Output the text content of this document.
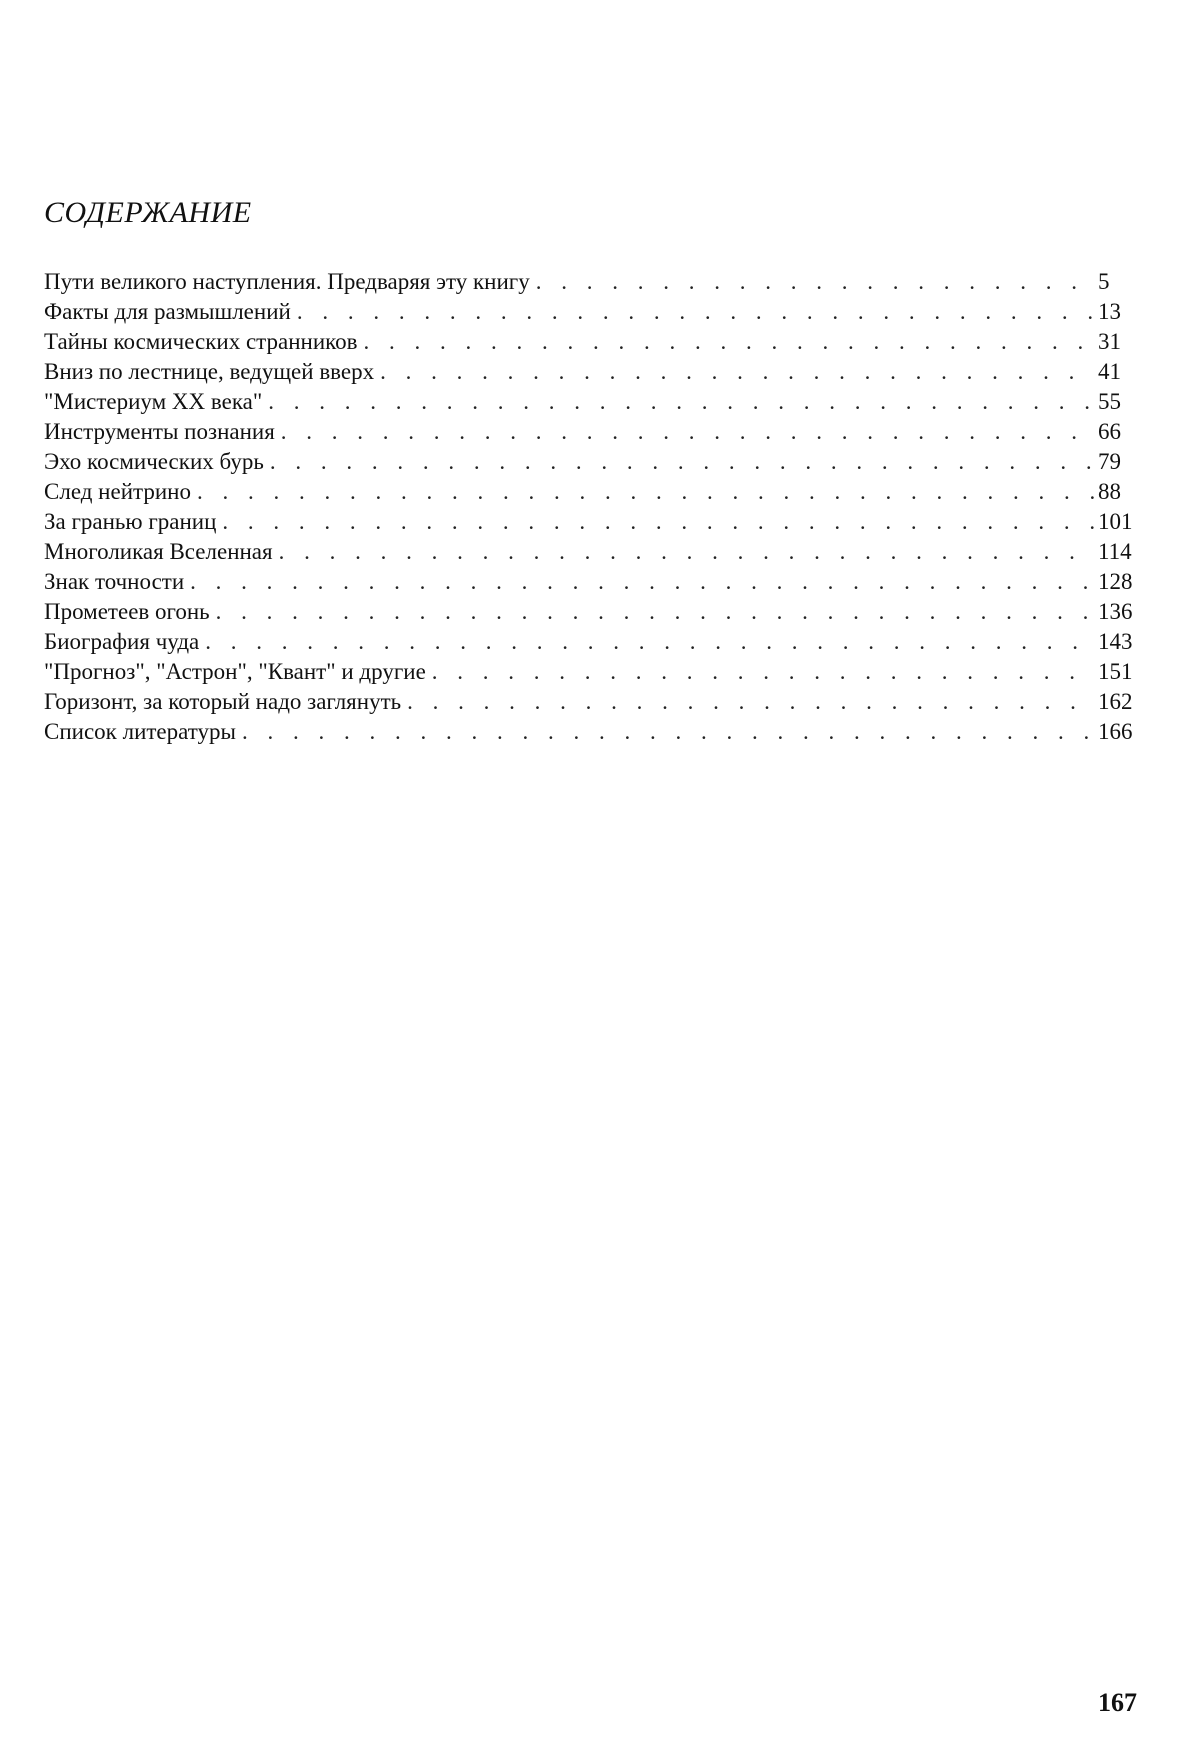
СОДЕРЖАНИЕ
Пути великого наступления. Предваряя эту книгу . . .	5
Факты для размышлений . . .	13
Тайны космических странников . . .	31
Вниз по лестнице, ведущей вверх . . .	41
"Мистериум XX века" . . .	55
Инструменты познания . . .	66
Эхо космических бурь . . .	79
След нейтрино . . .	88
За гранью границ . . .	101
Многоликая Вселенная . . .	114
Знак точности . . .	128
Прометеев огонь . . .	136
Биография чуда . . .	143
"Прогноз", "Астрон", "Квант" и другие . . .	151
Горизонт, за который надо заглянуть . . .	162
Список литературы . . .	166
167
